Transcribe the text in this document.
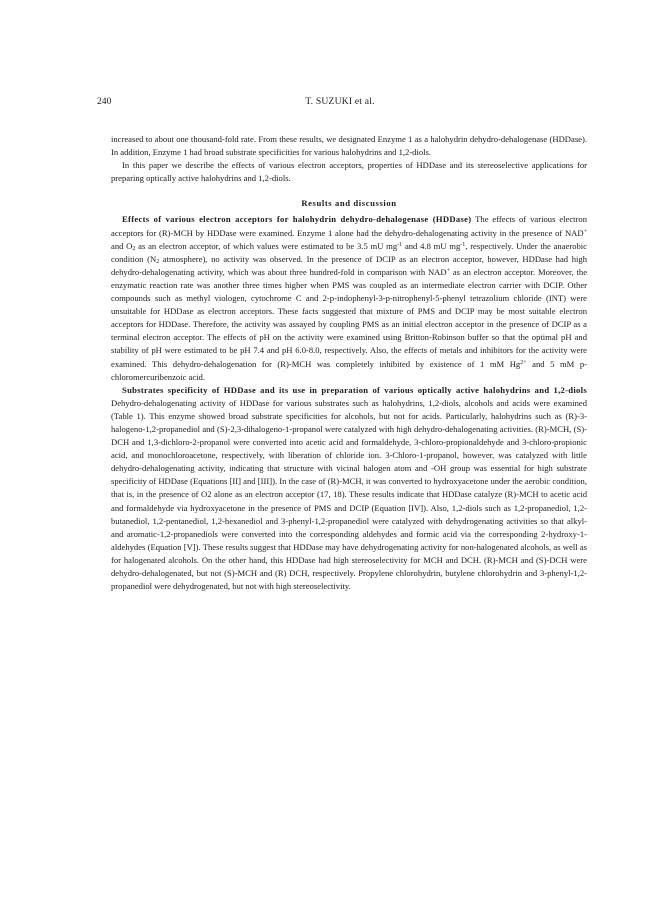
240	T. SUZUKI et al.

increased to about one thousand-fold rate. From these results, we designated Enzyme 1 as a halohydrin dehydro-dehalogenase (HDDase). In addition, Enzyme 1 had broad substrate specificities for various halohydrins and 1,2-diols.

In this paper we describe the effects of various electron acceptors, properties of HDDase and its stereoselective applications for preparing optically active halohydrins and 1,2-diols.

Results and discussion

Effects of various electron acceptors for halohydrin dehydro-dehalogenase (HDDase) The effects of various electron acceptors for (R)-MCH by HDDase were examined. Enzyme 1 alone had the dehydro-dehalogenating activity in the presence of NAD+ and $O_2$ as an electron acceptor, of which values were estimated to be 3.5 mU $mg^{-1}$ and 4.8 mU $mg^{-1}$, respectively. Under the anaerobic condition ($N_2$ atmosphere), no activity was observed. In the presence of DCIP as an electron acceptor, however, HDDase had high dehydro-dehalogenating activity, which was about three hundred-fold in comparison with NAD+ as an electron acceptor. Moreover, the enzymatic reaction rate was another three times higher when PMS was coupled as an intermediate electron carrier with DCIP. Other compounds such as methyl viologen, cytochrome C and 2-p-indophenyl-3-p-nitrophenyl-5-phenyl tetrazolium chloride (INT) were unsuitable for HDDase as electron acceptors. These facts suggested that mixture of PMS and DCIP may be most suitable electron acceptors for HDDase. Therefore, the activity was assayed by coupling PMS as an initial electron acceptor in the presence of DCIP as a terminal electron acceptor. The effects of pH on the activity were examined using Britton-Robinson buffer so that the optimal pH and stability of pH were estimated to be pH 7.4 and pH 6.0-8.0, respectively. Also, the effects of metals and inhibitors for the activity were examined. This dehydro-dehalogenation for (R)-MCH was completely inhibited by existence of 1 mM $Hg^{2+}$ and 5 mM p-chloromercuribenzoic acid.

Substrates specificity of HDDase and its use in preparation of various optically active halohydrins and 1,2-diols Dehydro-dehalogenating activity of HDDase for various substrates such as halohydrins, 1,2-diols, alcohols and acids were examined (Table 1). This enzyme showed broad substrate specificities for alcohols, but not for acids. Particularly, halohydrins such as (R)-3-halogeno-1,2-propanediol and (S)-2,3-dihalogeno-1-propanol were catalyzed with high dehydro-dehalogenating activities. (R)-MCH, (S)-DCH and 1,3-dichloro-2-propanol were converted into acetic acid and formaldehyde, 3-chloro-propionaldehyde and 3-chloro-propionic acid, and monochloroacetone, respectively, with liberation of chloride ion. 3-Chloro-1-propanol, however, was catalyzed with little dehydro-dehalogenating activity, indicating that structure with vicinal halogen atom and -OH group was essential for high substrate specificity of HDDase (Equations [II] and [III]). In the case of (R)-MCH, it was converted to hydroxyacetone under the aerobic condition, that is, in the presence of O2 alone as an electron acceptor (17, 18). These results indicate that HDDase catalyze (R)-MCH to acetic acid and formaldehyde via hydroxyacetone in the presence of PMS and DCIP (Equation [IV]). Also, 1,2-diols such as 1,2-propanediol, 1,2-butanediol, 1,2-pentanediol, 1,2-hexanediol and 3-phenyl-1,2-propanediol were catalyzed with dehydrogenating activities so that alkyl- and aromatic-1,2-propanediols were converted into the corresponding aldehydes and formic acid via the corresponding 2-hydroxy-1-aldehydes (Equation [V]). These results suggest that HDDase may have dehydrogenating activity for non-halogenated alcohols, as well as for halogenated alcohols. On the other hand, this HDDase had high stereoselectivity for MCH and DCH. (R)-MCH and (S)-DCH were dehydro-dehalogenated, but not (S)-MCH and (R) DCH, respectively. Propylene chlorohydrin, butylene chlorohydrin and 3-phenyl-1,2-propanediol were dehydrogenated, but not with high stereoselectivity.
